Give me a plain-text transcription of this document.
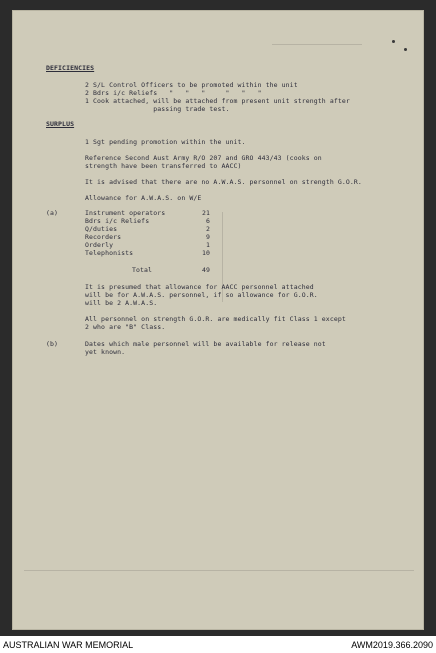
DEFICIENCIES
2 S/L Control Officers to be promoted within the unit
2 Bdrs i/c Reliefs   "   "   "     "   "   "
1 Cook attached, will be attached from present unit strength after
passing trade test.
SURPLUS
1 Sgt pending promotion within the unit.
Reference Second Aust Army R/O 207 and GRO 443/43 (cooks on
strength have been transferred to AACC)
It is advised that there are no A.W.A.S. personnel on strength G.O.R.
Allowance for A.W.A.S. on W/E
(a)	Instrument operators	21
Bdrs i/c Reliefs	6
Q/duties	2
Recorders	9
Orderly	1
Telephonists	10
Total	49
It is presumed that allowance for AACC personnel attached
will be for A.W.A.S. personnel, if so allowance for G.O.R.
will be 2 A.W.A.S.
All personnel on strength G.O.R. are medically fit Class 1 except
2 who are "B" Class.
(b)	Dates which male personnel will be available for release not
yet known.
AUSTRALIAN WAR MEMORIAL	AWM2019.366.2090
